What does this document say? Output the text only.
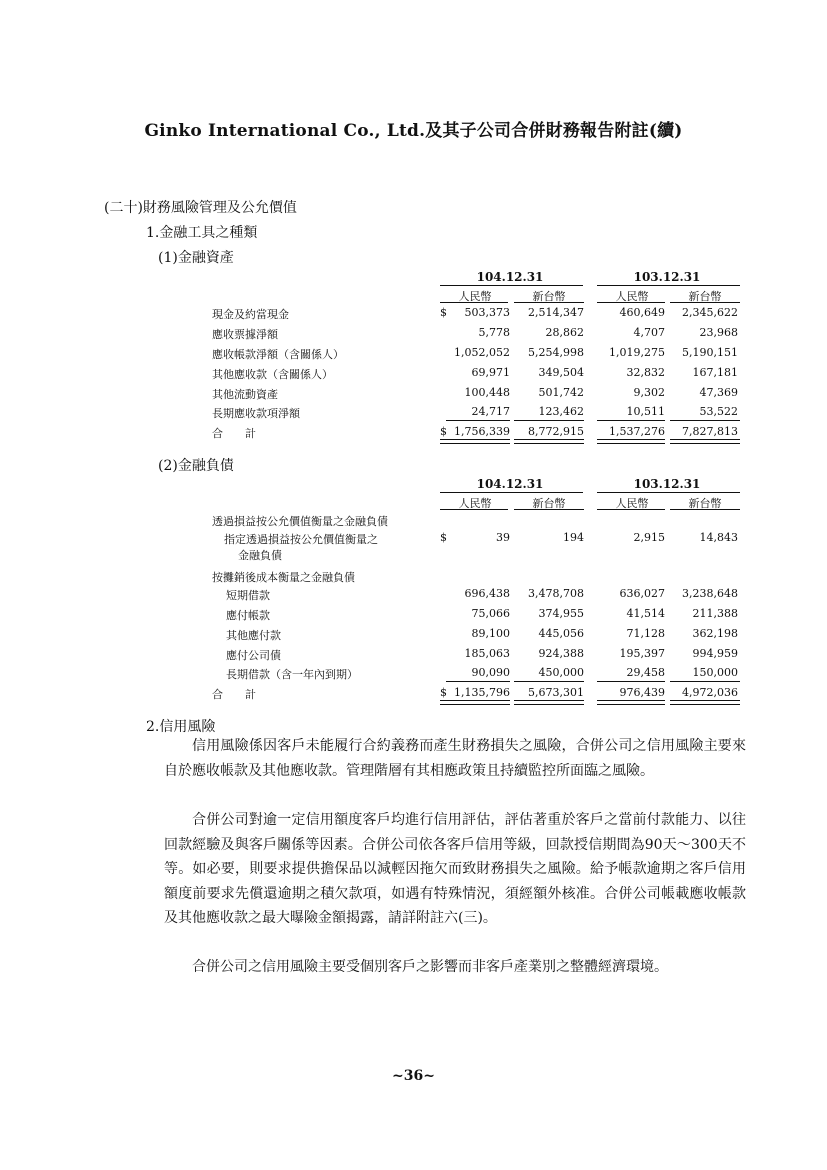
Ginko International Co., Ltd.及其子公司合併財務報告附註(續)
(二十)財務風險管理及公允價值
1.金融工具之種類
(1)金融資產
104.12.31	103.12.31
人民幣	新台幣	人民幣	新台幣
$
現金及約當現金	503,373	2,514,347	460,649	2,345,622
應收票據淨額	5,778	28,862	4,707	23,968
應收帳款淨額（含關係人）	1,052,052	5,254,998	1,019,275	5,190,151
其他應收款（含關係人）	69,971	349,504	32,832	167,181
其他流動資產	100,448	501,742	9,302	47,369
長期應收款項淨額	24,717	123,462	10,511	53,522
合　　計	$ 1,756,339	8,772,915	1,537,276	7,827,813
(2)金融負債
104.12.31	103.12.31
人民幣	新台幣	人民幣	新台幣
透過損益按公允價值衡量之金融負債
指定透過損益按公允價值衡量之
金融負債
$	39	194	2,915	14,843
按攤銷後成本衡量之金融負債
短期借款	696,438	3,478,708	636,027	3,238,648
應付帳款	75,066	374,955	41,514	211,388
其他應付款	89,100	445,056	71,128	362,198
應付公司債	185,063	924,388	195,397	994,959
長期借款（含一年內到期）	90,090	450,000	29,458	150,000
合　　計	$ 1,135,796	5,673,301	976,439	4,972,036
2.信用風險
信用風險係因客戶未能履行合約義務而產生財務損失之風險，合併公司之信用風險主要來自於應收帳款及其他應收款。管理階層有其相應政策且持續監控所面臨之風險。
合併公司對逾一定信用額度客戶均進行信用評估，評估著重於客戶之當前付款能力、以往回款經驗及與客戶關係等因素。合併公司依各客戶信用等級，回款授信期間為90天～300天不等。如必要，則要求提供擔保品以減輕因拖欠而致財務損失之風險。給予帳款逾期之客戶信用額度前要求先償還逾期之積欠款項，如遇有特殊情況，須經額外核准。合併公司帳載應收帳款及其他應收款之最大曝險金額揭露，請詳附註六(三)。
合併公司之信用風險主要受個別客戶之影響而非客戶產業別之整體經濟環境。
~36~
